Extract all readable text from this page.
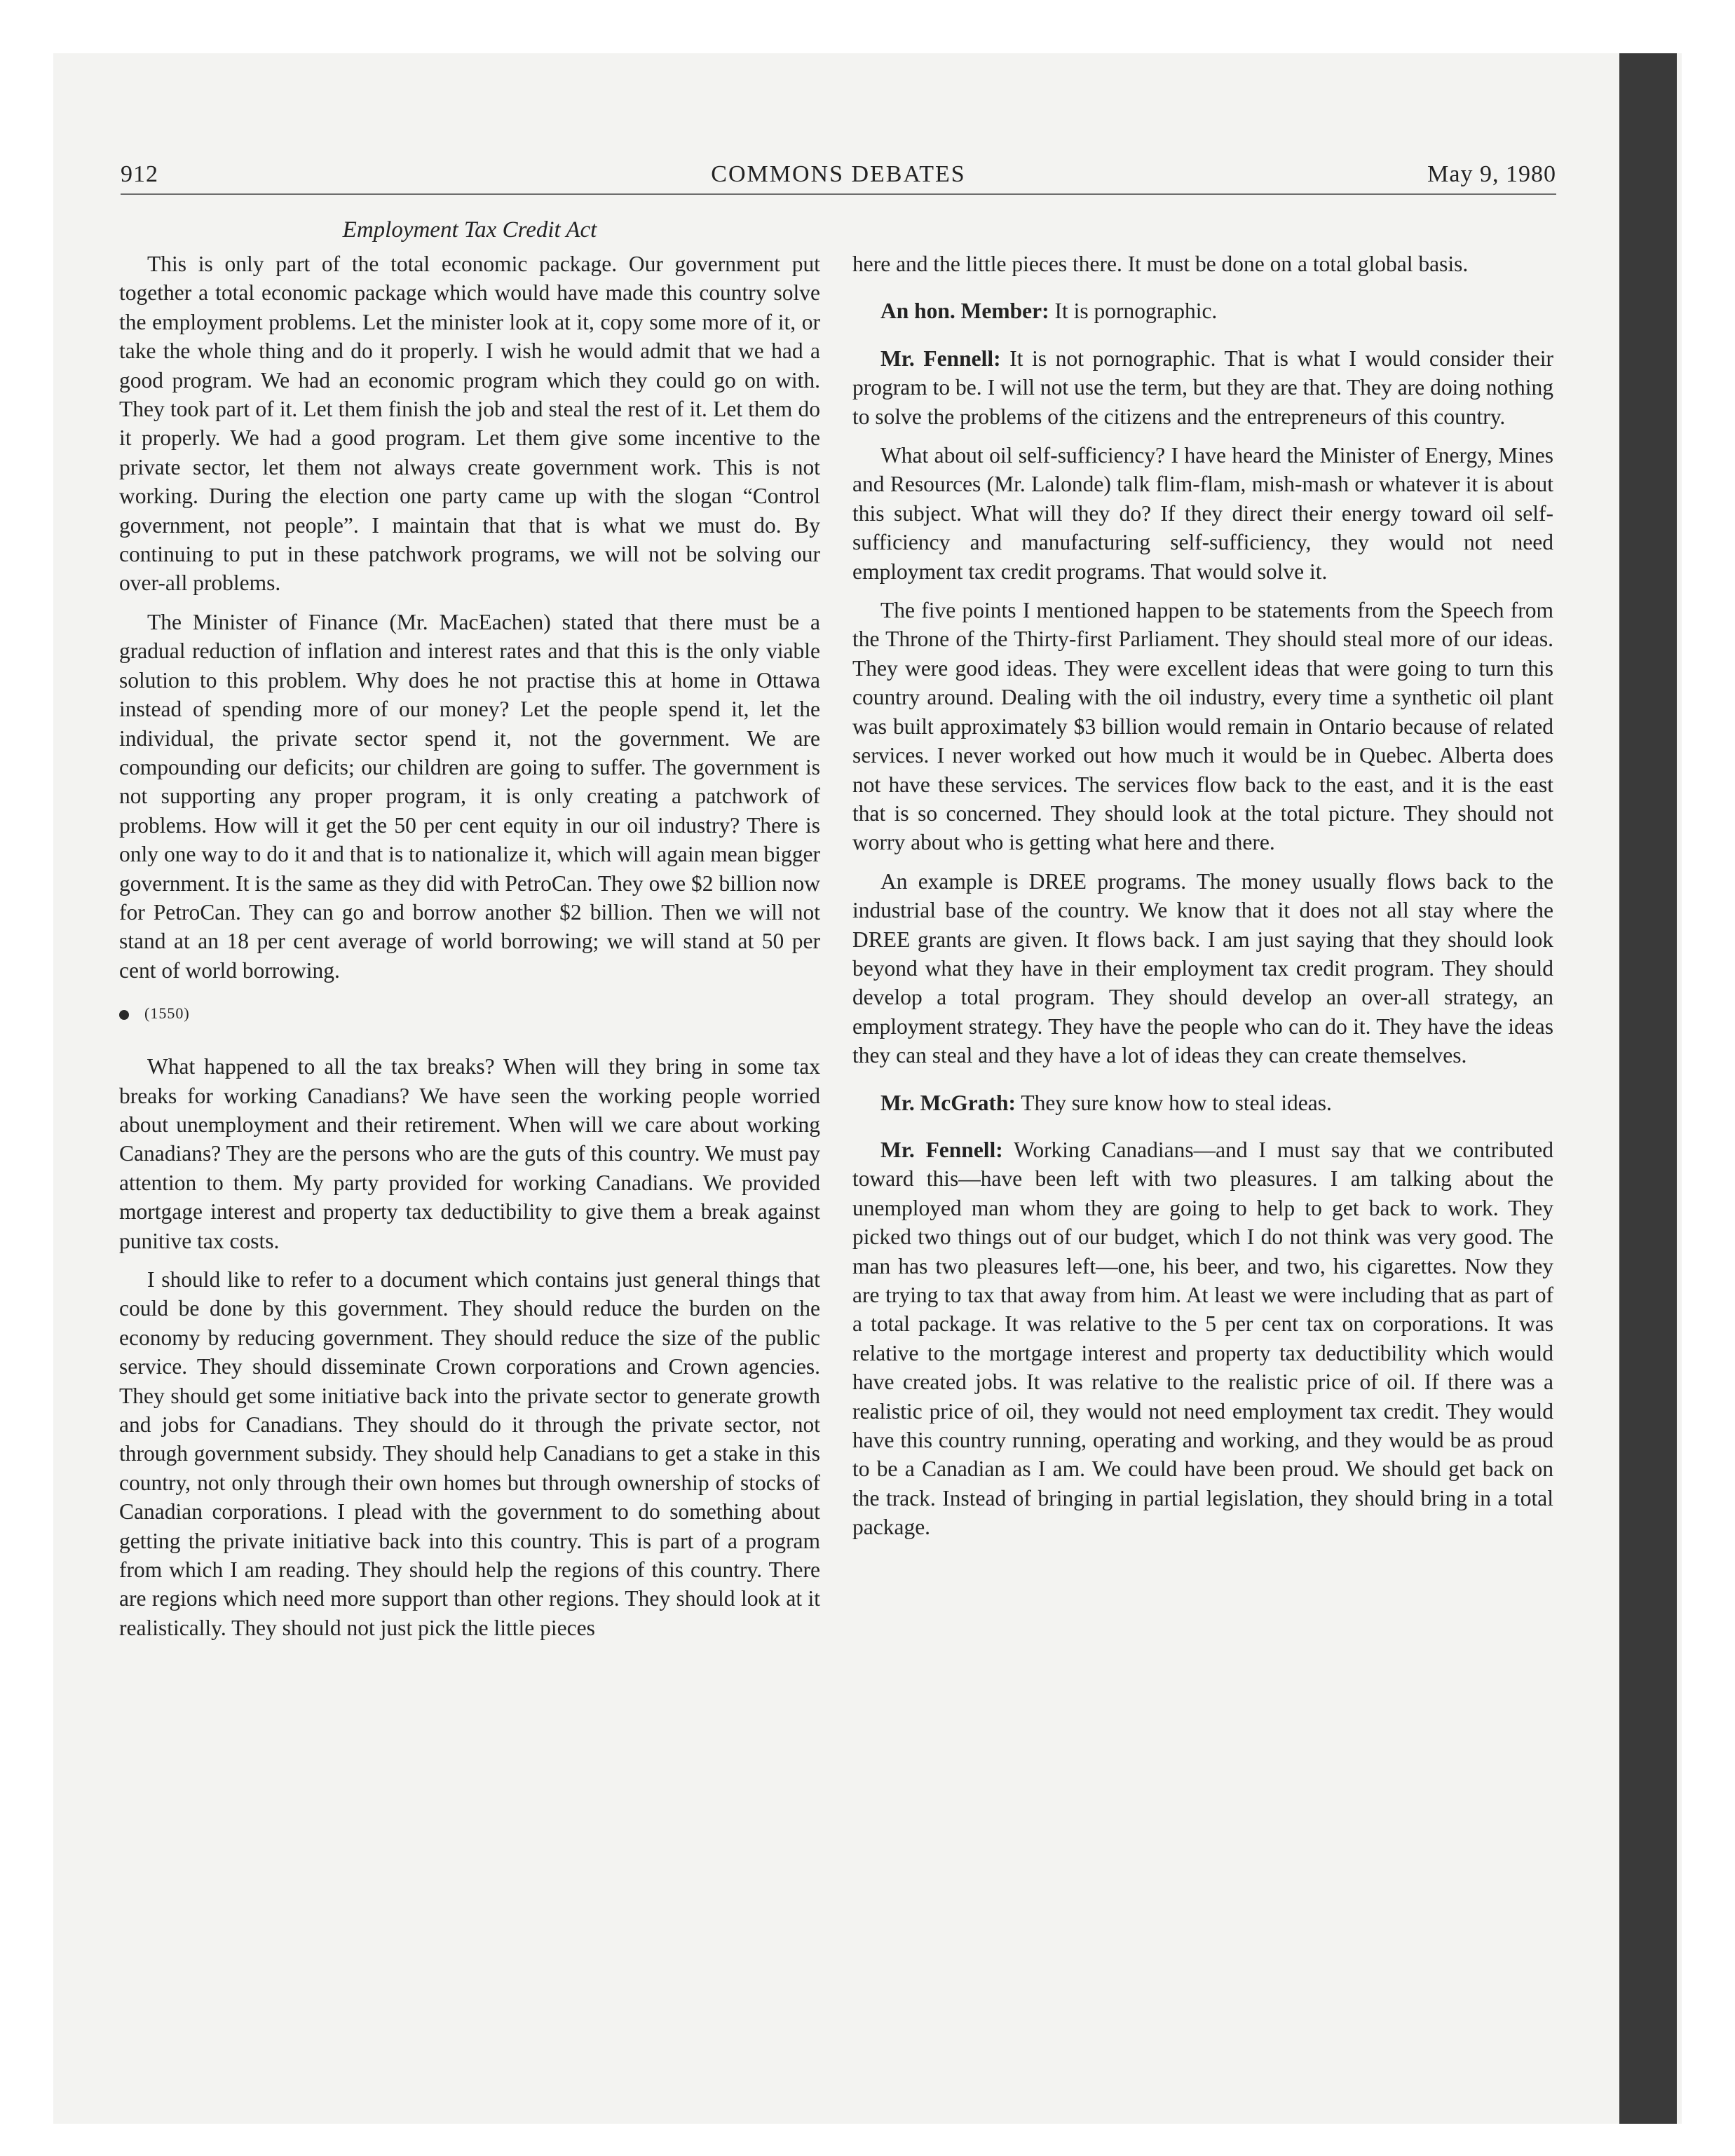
912	COMMONS DEBATES	May 9, 1980
Employment Tax Credit Act

This is only part of the total economic package. Our government put together a total economic package which would have made this country solve the employment problems. Let the minister look at it, copy some more of it, or take the whole thing and do it properly. I wish he would admit that we had a good program. We had an economic program which they could go on with. They took part of it. Let them finish the job and steal the rest of it. Let them do it properly. We had a good program. Let them give some incentive to the private sector, let them not always create government work. This is not working. During the election one party came up with the slogan “Control government, not people”. I maintain that that is what we must do. By continuing to put in these patchwork programs, we will not be solving our over-all problems.

The Minister of Finance (Mr. MacEachen) stated that there must be a gradual reduction of inflation and interest rates and that this is the only viable solution to this problem. Why does he not practise this at home in Ottawa instead of spending more of our money? Let the people spend it, let the individual, the private sector spend it, not the government. We are compounding our deficits; our children are going to suffer. The government is not supporting any proper program, it is only creating a patchwork of problems. How will it get the 50 per cent equity in our oil industry? There is only one way to do it and that is to nationalize it, which will again mean bigger government. It is the same as they did with PetroCan. They owe $2 billion now for PetroCan. They can go and borrow another $2 billion. Then we will not stand at an 18 per cent average of world borrowing; we will stand at 50 per cent of world borrowing.

(1550)

What happened to all the tax breaks? When will they bring in some tax breaks for working Canadians? We have seen the working people worried about unemployment and their retirement. When will we care about working Canadians? They are the persons who are the guts of this country. We must pay attention to them. My party provided for working Canadians. We provided mortgage interest and property tax deductibility to give them a break against punitive tax costs.

I should like to refer to a document which contains just general things that could be done by this government. They should reduce the burden on the economy by reducing government. They should reduce the size of the public service. They should disseminate Crown corporations and Crown agencies. They should get some initiative back into the private sector to generate growth and jobs for Canadians. They should do it through the private sector, not through government subsidy. They should help Canadians to get a stake in this country, not only through their own homes but through ownership of stocks of Canadian corporations. I plead with the government to do something about getting the private initiative back into this country. This is part of a program from which I am reading. They should help the regions of this country. There are regions which need more support than other regions. They should look at it realistically. They should not just pick the little pieces

here and the little pieces there. It must be done on a total global basis.

An hon. Member: It is pornographic.

Mr. Fennell: It is not pornographic. That is what I would consider their program to be. I will not use the term, but they are that. They are doing nothing to solve the problems of the citizens and the entrepreneurs of this country.

What about oil self-sufficiency? I have heard the Minister of Energy, Mines and Resources (Mr. Lalonde) talk flim-flam, mish-mash or whatever it is about this subject. What will they do? If they direct their energy toward oil self-sufficiency and manufacturing self-sufficiency, they would not need employment tax credit programs. That would solve it.

The five points I mentioned happen to be statements from the Speech from the Throne of the Thirty-first Parliament. They should steal more of our ideas. They were good ideas. They were excellent ideas that were going to turn this country around. Dealing with the oil industry, every time a synthetic oil plant was built approximately $3 billion would remain in Ontario because of related services. I never worked out how much it would be in Quebec. Alberta does not have these services. The services flow back to the east, and it is the east that is so concerned. They should look at the total picture. They should not worry about who is getting what here and there.

An example is DREE programs. The money usually flows back to the industrial base of the country. We know that it does not all stay where the DREE grants are given. It flows back. I am just saying that they should look beyond what they have in their employment tax credit program. They should develop a total program. They should develop an over-all strategy, an employment strategy. They have the people who can do it. They have the ideas they can steal and they have a lot of ideas they can create themselves.

Mr. McGrath: They sure know how to steal ideas.

Mr. Fennell: Working Canadians—and I must say that we contributed toward this—have been left with two pleasures. I am talking about the unemployed man whom they are going to help to get back to work. They picked two things out of our budget, which I do not think was very good. The man has two pleasures left—one, his beer, and two, his cigarettes. Now they are trying to tax that away from him. At least we were including that as part of a total package. It was relative to the 5 per cent tax on corporations. It was relative to the mortgage interest and property tax deductibility which would have created jobs. It was relative to the realistic price of oil. If there was a realistic price of oil, they would not need employment tax credit. They would have this country running, operating and working, and they would be as proud to be a Canadian as I am. We could have been proud. We should get back on the track. Instead of bringing in partial legislation, they should bring in a total package.
